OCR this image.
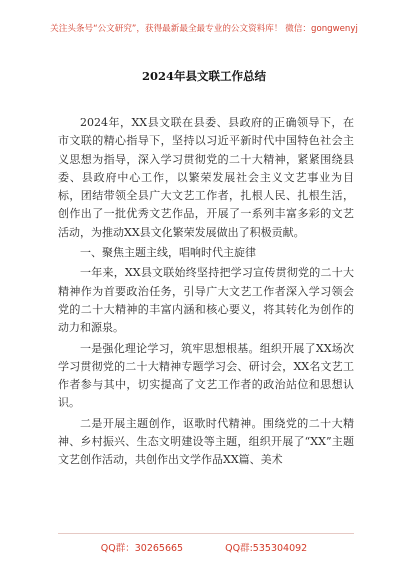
关注头条号“公文研究”，获得最新最全最专业的公文资料库！ 微信：gongwenyj
2024年县文联工作总结

2024年，XX县文联在县委、县政府的正确领导下，在市文联的精心指导下，坚持以习近平新时代中国特色社会主义思想为指导，深入学习贯彻党的二十大精神，紧紧围绕县委、县政府中心工作，以繁荣发展社会主义文艺事业为目标，团结带领全县广大文艺工作者，扎根人民、扎根生活，创作出了一批优秀文艺作品，开展了一系列丰富多彩的文艺活动，为推动XX县文化繁荣发展做出了积极贡献。

一、聚焦主题主线，唱响时代主旋律

一年来，XX县文联始终坚持把学习宣传贯彻党的二十大精神作为首要政治任务，引导广大文艺工作者深入学习领会党的二十大精神的丰富内涵和核心要义，将其转化为创作的动力和源泉。

一是强化理论学习，筑牢思想根基。组织开展了XX场次学习贯彻党的二十大精神专题学习会、研讨会，XX名文艺工作者参与其中，切实提高了文艺工作者的政治站位和思想认识。

二是开展主题创作，讴歌时代精神。围绕党的二十大精神、乡村振兴、生态文明建设等主题，组织开展了“XX”主题文艺创作活动，共创作出文学作品XX篇、美术

QQ群：30265665	QQ群:535304092
